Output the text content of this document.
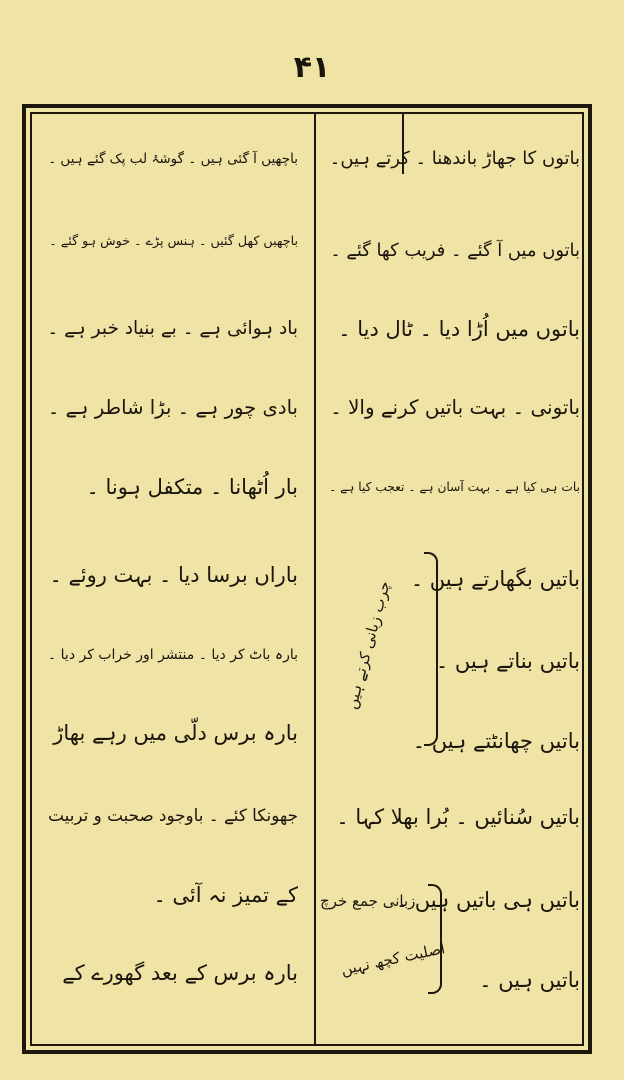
۴۱
باتوں کا جھاڑ باندھنا ۔ کرتے ہیں۔
باتوں میں آ گئے ۔ فریب کھا گئے ۔
باتوں میں اُڑا دیا ۔ ٹال دیا ۔
باتونی ۔ بہت باتیں کرنے والا ۔
بات ہی کیا ہے ۔ بہت آسان ہے ۔ تعجب کیا ہے ۔
باتیں بگھارتے ہیں ۔
باتیں بناتے ہیں ۔
باتیں چھانٹتے ہیں ۔
باتیں سُنائیں ۔ بُرا بھلا کہا ۔
باتیں ہی باتیں ہیں ۔
باتیں ہیں ۔
چرب زبانی کرتے ہیں
زبانی جمع خرچ
اصلیت کچھ نہیں
باچھیں آ گئی ہیں ۔ گوشۂ لب پک گئے ہیں ۔
باچھیں کھل گئیں ۔ ہنس پڑے ۔ خوش ہو گئے ۔
باد ہوائی ہے ۔ بے بنیاد خبر ہے ۔
بادی چور ہے ۔ بڑا شاطر ہے ۔
بار اُٹھانا ۔ متکفل ہونا ۔
باراں برسا دیا ۔ بہت روئے ۔
بارہ باٹ کر دیا ۔ منتشر اور خراب کر دیا ۔
بارہ برس دلّی میں رہے بھاڑ
جھونکا کئے ۔ باوجود صحبت و تربیت
کے تمیز نہ آئی ۔
بارہ برس کے بعد گھورے کے
